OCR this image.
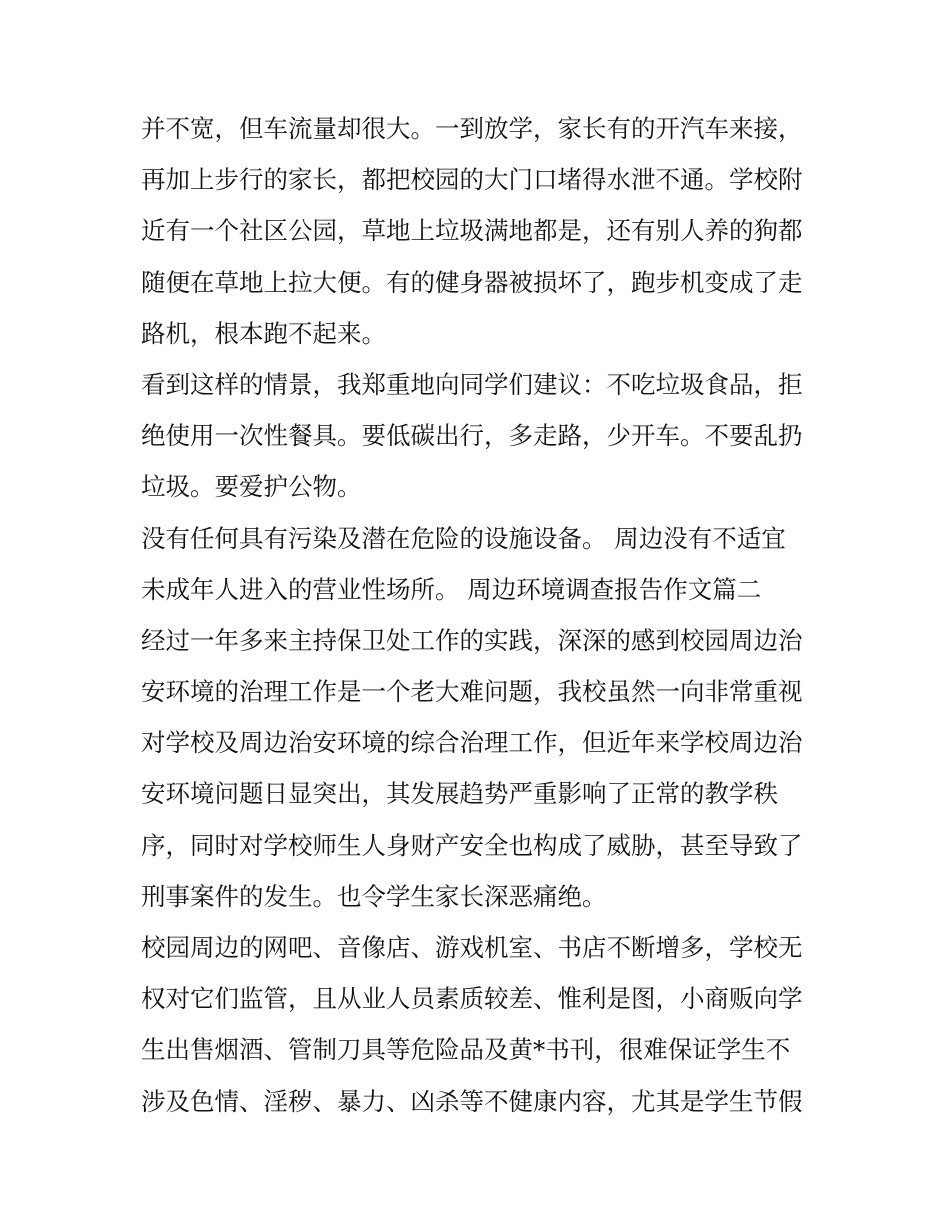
并不宽，但车流量却很大。一到放学，家长有的开汽车来接，
再加上步行的家长，都把校园的大门口堵得水泄不通。学校附
近有一个社区公园，草地上垃圾满地都是，还有别人养的狗都
随便在草地上拉大便。有的健身器被损坏了，跑步机变成了走
路机，根本跑不起来。
看到这样的情景，我郑重地向同学们建议：不吃垃圾食品，拒
绝使用一次性餐具。要低碳出行，多走路，少开车。不要乱扔
垃圾。要爱护公物。
没有任何具有污染及潜在危险的设施设备。 周边没有不适宜
未成年人进入的营业性场所。 周边环境调查报告作文篇二
经过一年多来主持保卫处工作的实践，深深的感到校园周边治
安环境的治理工作是一个老大难问题，我校虽然一向非常重视
对学校及周边治安环境的综合治理工作，但近年来学校周边治
安环境问题日显突出，其发展趋势严重影响了正常的教学秩
序，同时对学校师生人身财产安全也构成了威胁，甚至导致了
刑事案件的发生。也令学生家长深恶痛绝。
校园周边的网吧、音像店、游戏机室、书店不断增多，学校无
权对它们监管，且从业人员素质较差、惟利是图，小商贩向学
生出售烟酒、管制刀具等危险品及黄*书刊，很难保证学生不
涉及色情、淫秽、暴力、凶杀等不健康内容，尤其是学生节假
